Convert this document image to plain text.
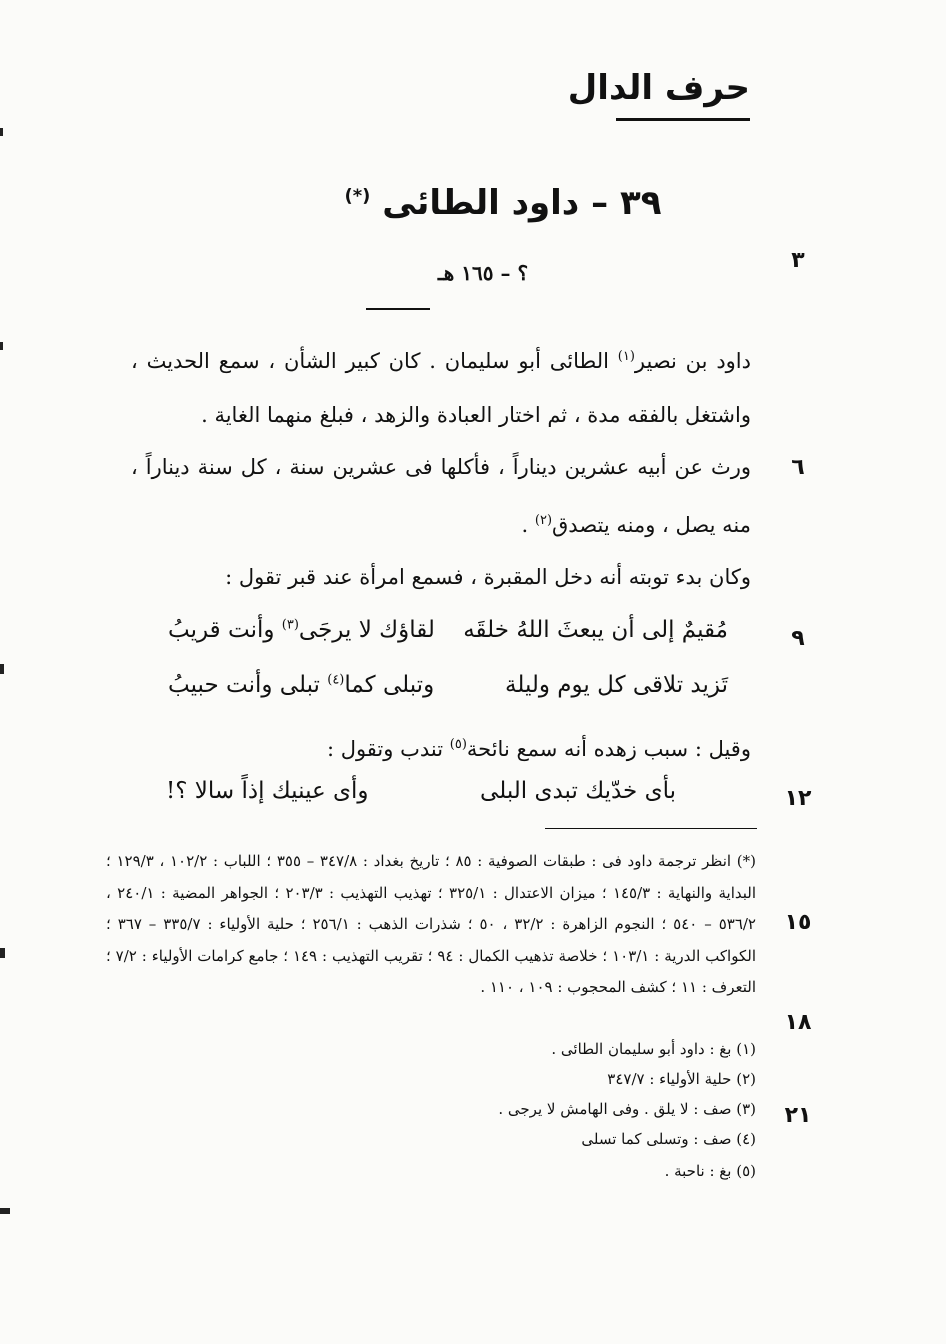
حرف الدال
٣٩ – داود الطائى (*)
؟ – ١٦٥ هـ	٣
٦
٩
١٢
١٥
١٨
٢١
داود بن نصير$^{(١)}$ الطائى أبو سليمان . كان كبير الشأن ، سمع الحديث ، واشتغل بالفقه مدة ، ثم اختار العبادة والزهد ، فبلغ منهما الغاية .
ورث عن أبيه عشرين ديناراً ، فأكلها فى عشرين سنة ، كل سنة ديناراً ، منه يصل ، ومنه يتصدق$^{(٢)}$ .
وكان بدء توبته أنه دخل المقبرة ، فسمع امرأة عند قبر تقول :
مُقيمٌ إلى أن يبعثَ اللهُ خلقَه
لقاؤك لا يرجَى$^{(٣)}$ وأنت قريبُ
تَزيد تلاقى كل يوم وليلة
وتبلى كما$^{(٤)}$ تبلى وأنت حبيبُ
وقيل : سبب زهده أنه سمع نائحة$^{(٥)}$ تندب وتقول :
بأى خدّيك تبدى البلى
وأى عينيك إذاً سالا ؟!
(*) انظر ترجمة داود فى : طبقات الصوفية : ٨٥ ؛ تاريخ بغداد : ٣٤٧/٨ – ٣٥٥ ؛ اللباب : ١٠٢/٢ ، ١٢٩/٣ ؛ البداية والنهاية : ١٤٥/٣ ؛ ميزان الاعتدال : ٣٢٥/١ ؛ تهذيب التهذيب : ٢٠٣/٣ ؛ الجواهر المضية : ٢٤٠/١ ، ٥٣٦/٢ – ٥٤٠ ؛ النجوم الزاهرة : ٣٢/٢ ، ٥٠ ؛ شذرات الذهب : ٢٥٦/١ ؛ حلية الأولياء : ٣٣٥/٧ – ٣٦٧ ؛ الكواكب الدرية : ١٠٣/١ ؛ خلاصة تذهيب الكمال : ٩٤ ؛ تقريب التهذيب : ١٤٩ ؛ جامع كرامات الأولياء : ٧/٢ ؛ التعرف : ١١ ؛ كشف المحجوب : ١٠٩ ، ١١٠ .
(١) بغ : داود أبو سليمان الطائى .
(٢) حلية الأولياء : ٣٤٧/٧
(٣) صف : لا يلق . وفى الهامش لا يرجى .
(٤) صف : وتسلى كما تسلى
(٥) بغ : ناحبة .
